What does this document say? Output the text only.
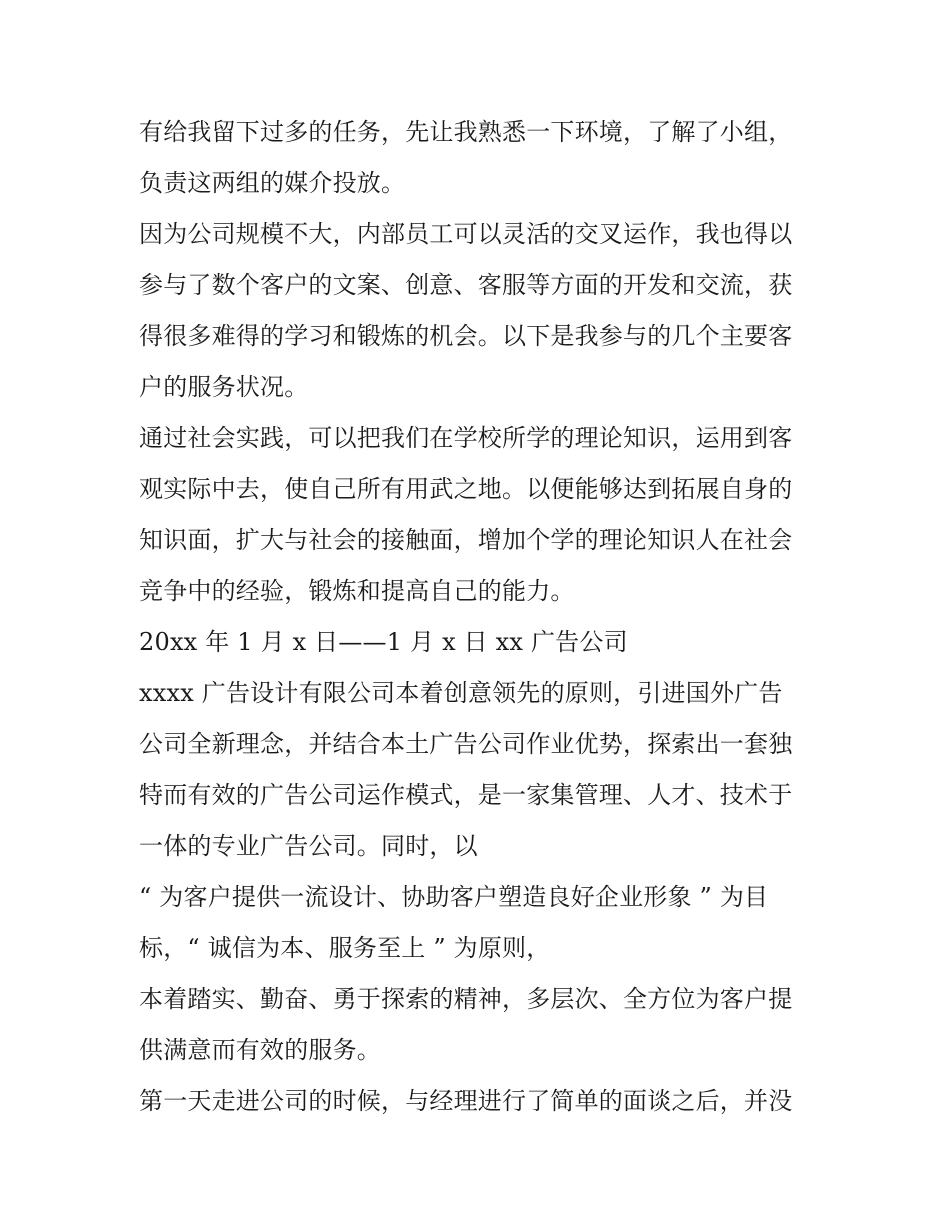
有给我留下过多的任务，先让我熟悉一下环境，了解了小组，
负责这两组的媒介投放。
因为公司规模不大，内部员工可以灵活的交叉运作，我也得以
参与了数个客户的文案、创意、客服等方面的开发和交流，获
得很多难得的学习和锻炼的机会。以下是我参与的几个主要客
户的服务状况。
通过社会实践，可以把我们在学校所学的理论知识，运用到客
观实际中去，使自己所有用武之地。以便能够达到拓展自身的
知识面，扩大与社会的接触面，增加个学的理论知识人在社会
竞争中的经验，锻炼和提高自己的能力。
20xx 年 1 月 x 日——1 月 x 日 xx 广告公司
xxxx 广告设计有限公司本着创意领先的原则，引进国外广告
公司全新理念，并结合本土广告公司作业优势，探索出一套独
特而有效的广告公司运作模式，是一家集管理、人才、技术于
一体的专业广告公司。同时，以
“ 为客户提供一流设计、协助客户塑造良好企业形象 ” 为目
标，“ 诚信为本、服务至上 ” 为原则，
本着踏实、勤奋、勇于探索的精神，多层次、全方位为客户提
供满意而有效的服务。
第一天走进公司的时候，与经理进行了简单的面谈之后，并没
